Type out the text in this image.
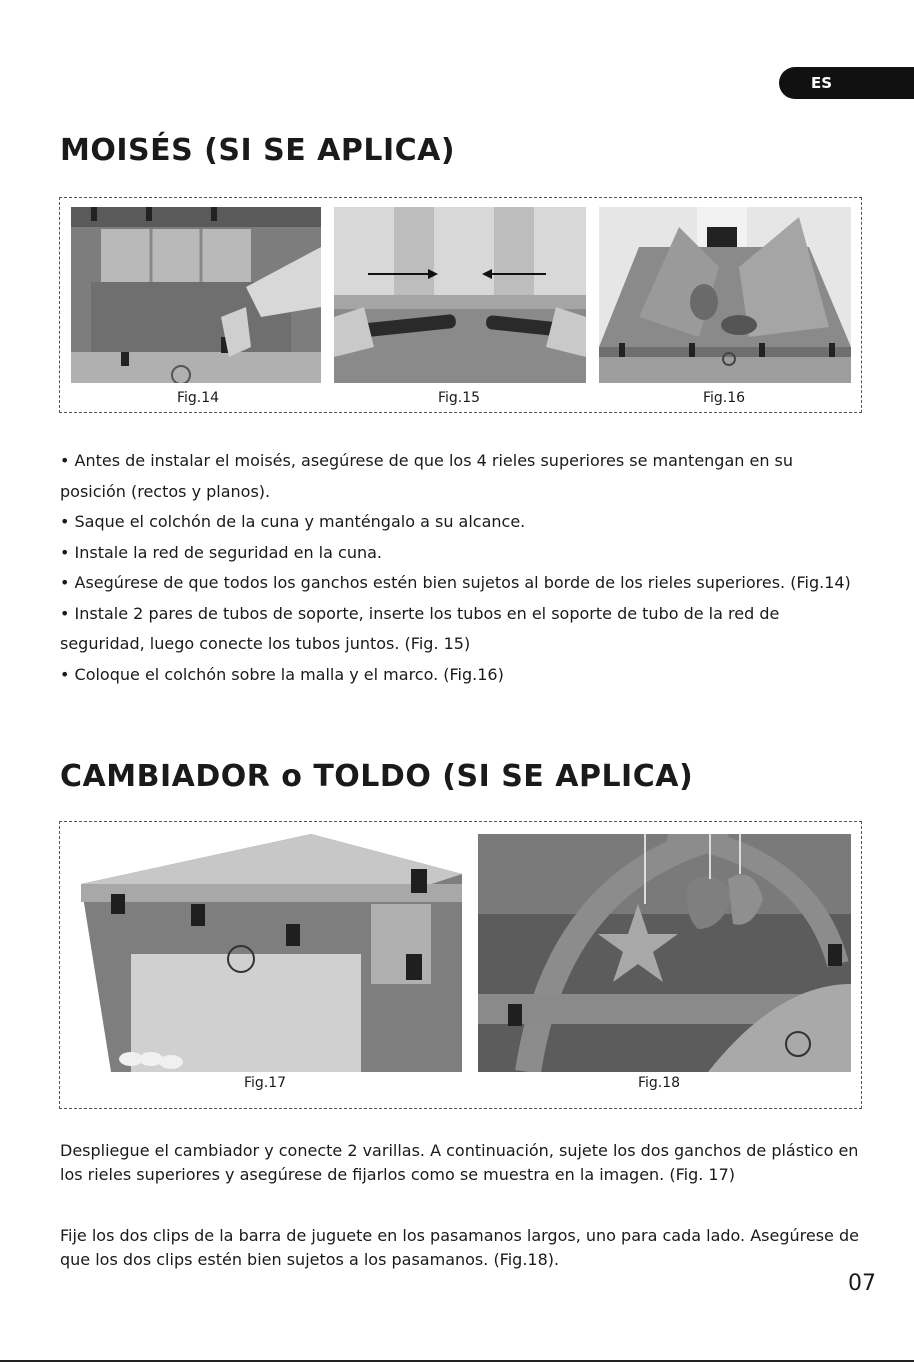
ES
MOISÉS (SI SE APLICA)
Fig.14	Fig.15	Fig.16
• Antes de instalar el moisés, asegúrese de que los 4 rieles superiores se mantengan en su posición (rectos y planos).
• Saque el colchón de la cuna y manténgalo a su alcance.
• Instale la red de seguridad en la cuna.
• Asegúrese de que todos los ganchos estén bien sujetos al borde de los rieles superiores. (Fig.14)
• Instale 2 pares de tubos de soporte, inserte los tubos en el soporte de tubo de la red de seguridad, luego conecte los tubos juntos. (Fig. 15)
• Coloque el colchón sobre la malla y el marco. (Fig.16)
CAMBIADOR o TOLDO (SI SE APLICA)
Fig.17	Fig.18

Despliegue el cambiador y conecte 2 varillas. A continuación, sujete los dos ganchos de plástico en los rieles superiores y asegúrese de fijarlos como se muestra en la imagen. (Fig. 17)

Fije los dos clips de la barra de juguete en los pasamanos largos, uno para cada lado. Asegúrese de que los dos clips estén bien sujetos a los pasamanos. (Fig.18).

07
